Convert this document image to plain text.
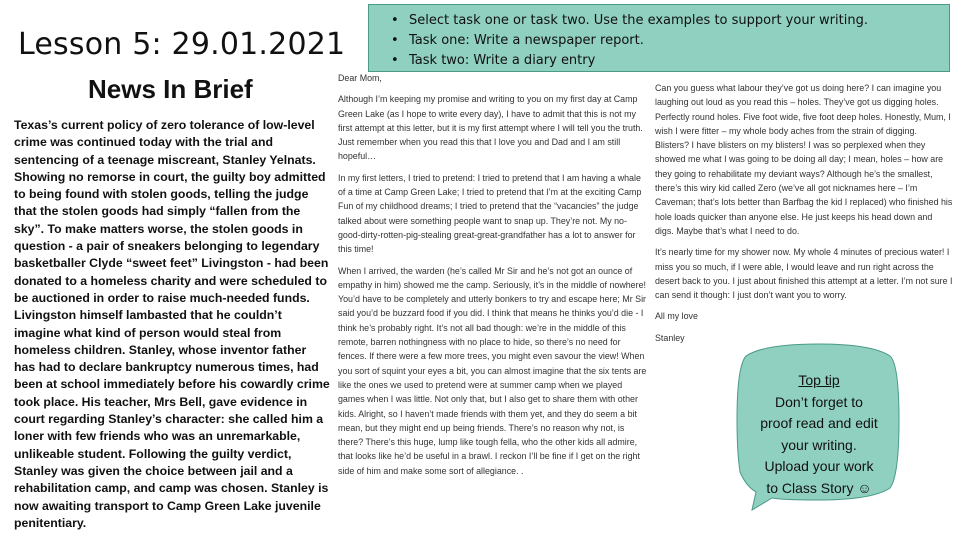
Lesson 5: 29.01.2021
• Select task one or task two. Use the examples to support your writing.
• Task one: Write a newspaper report.
• Task two: Write a diary entry
News In Brief

Texas’s current policy of zero tolerance of low-level crime was continued today with the trial and sentencing of a teenage miscreant, Stanley Yelnats. Showing no remorse in court, the guilty boy admitted to being found with stolen goods, telling the judge that the stolen goods had simply “fallen from the sky”. To make matters worse, the stolen goods in question - a pair of sneakers belonging to legendary basketballer Clyde “sweet feet” Livingston - had been donated to a homeless charity and were scheduled to be auctioned in order to raise much-needed funds. Livingston himself lambasted that he couldn’t imagine what kind of person would steal from homeless children. Stanley, whose inventor father has had to declare bankruptcy numerous times, had been at school immediately before his cowardly crime took place. His teacher, Mrs Bell, gave evidence in court regarding Stanley’s character: she called him a loner with few friends who was an unremarkable, unlikeable student. Following the guilty verdict, Stanley was given the choice between jail and a rehabilitation camp, and camp was chosen. Stanley is now awaiting transport to Camp Green Lake juvenile penitentiary.

Dear Mom,

Although I’m keeping my promise and writing to you on my first day at Camp Green Lake (as I hope to write every day), I have to admit that this is not my first attempt at this letter, but it is my first attempt where I will tell you the truth. Just remember when you read this that I love you and Dad and I am still hopeful…

In my first letters, I tried to pretend: I tried to pretend that I am having a whale of a time at Camp Green Lake; I tried to pretend that I’m at the exciting Camp Fun of my childhood dreams; I tried to pretend that the “vacancies” the judge talked about were something people want to snap up. They’re not. My no-good-dirty-rotten-pig-stealing great-great-grandfather has a lot to answer for this time!

When I arrived, the warden (he’s called Mr Sir and he’s not got an ounce of empathy in him) showed me the camp. Seriously, it’s in the middle of nowhere! You’d have to be completely and utterly bonkers to try and escape here; Mr Sir said you’d be buzzard food if you did. I think that means he thinks you’d die - I think he’s probably right. It’s not all bad though: we’re in the middle of this remote, barren nothingness with no place to hide, so there’s no need for fences. If there were a few more trees, you might even savour the view! When you sort of squint your eyes a bit, you can almost imagine that the six tents are like the ones we used to pretend were at summer camp when we played games when I was little. Not only that, but I also get to share them with other kids. Alright, so I haven’t made friends with them yet, and they do seem a bit mean, but they might end up being friends. There’s no reason why not, is there? There’s this huge, lump like tough fella, who the other kids all admire, that looks like he’d be useful in a brawl. I reckon I’ll be fine if I get on the right side of him and make some sort of allegiance. .

Can you guess what labour they’ve got us doing here? I can imagine you laughing out loud as you read this – holes. They’ve got us digging holes. Perfectly round holes. Five foot wide, five foot deep holes. Honestly, Mum, I wish I were fitter – my whole body aches from the strain of digging. Blisters? I have blisters on my blisters! I was so perplexed when they showed me what I was going to be doing all day; I mean, holes – how are they going to rehabilitate my deviant ways? Although he’s the smallest, there’s this wiry kid called Zero (we’ve all got nicknames here – I’m Caveman; that’s lots better than Barfbag the kid I replaced) who finished his hole loads quicker than anyone else. He just keeps his head down and digs. Maybe that’s what I need to do.

It’s nearly time for my shower now. My whole 4 minutes of precious water! I miss you so much, if I were able, I would leave and run right across the desert back to you. I just about finished this attempt at a letter. I’m not sure I can send it though: I just don’t want you to worry.

All my love

Stanley

Top tip
Don’t forget to
proof read and edit
your writing.
Upload your work
to Class Story ☺
